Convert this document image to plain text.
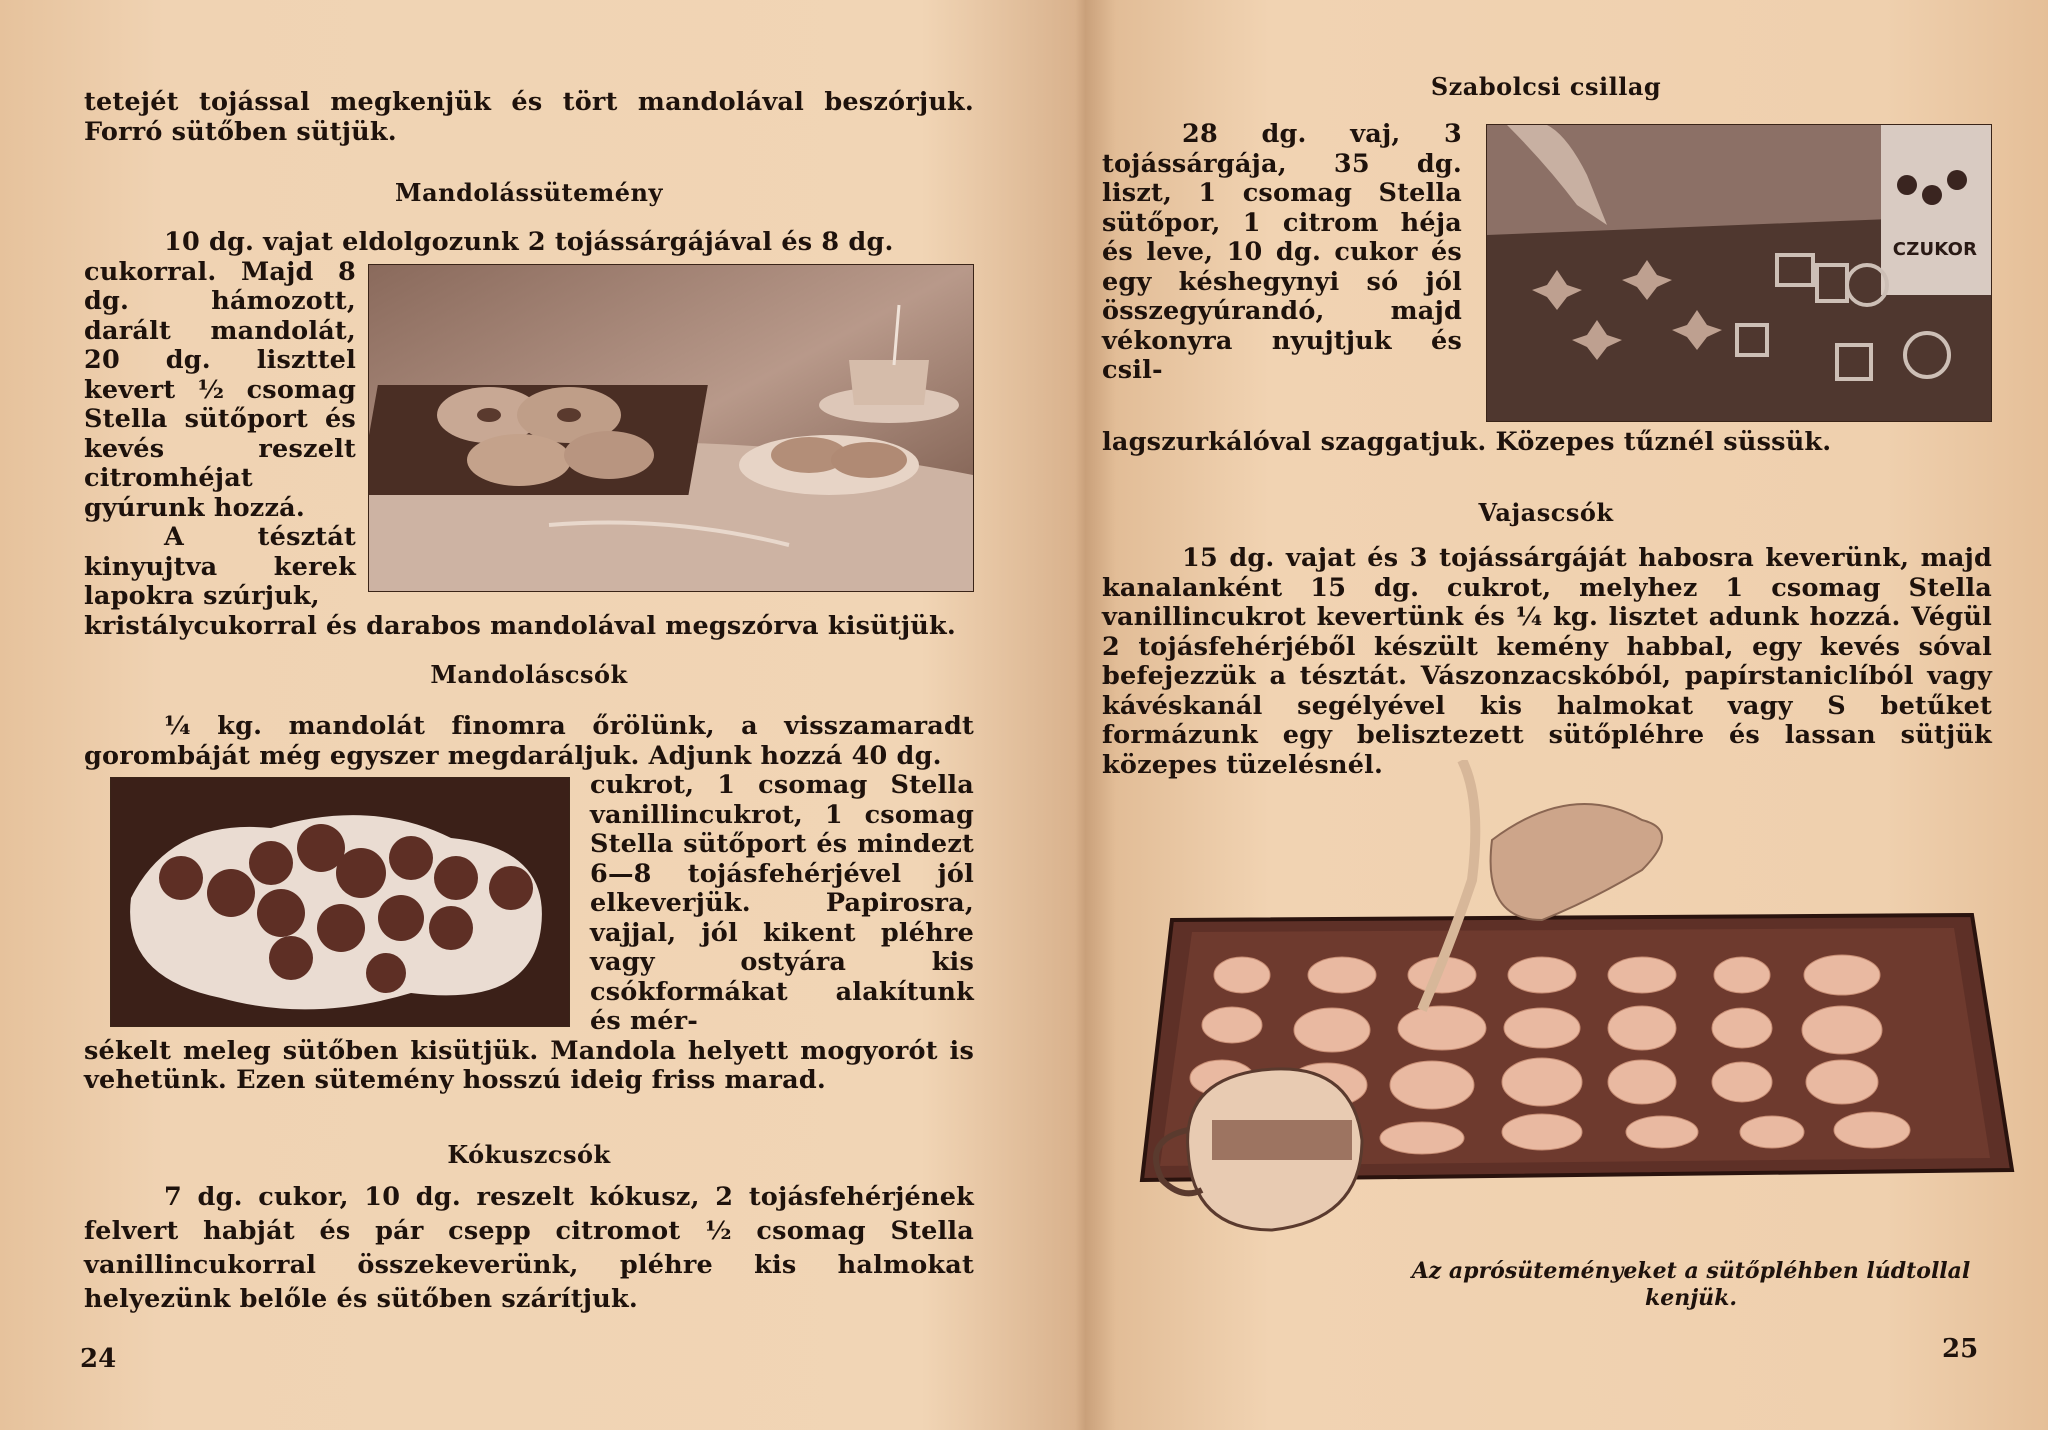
tetejét tojással megkenjük és tört mandolával beszórjuk. Forró sütőben sütjük.

Mandolássütemény

10 dg. vajat eldolgozunk 2 tojássárgájával és 8 dg.

cukorral. Majd 8 dg. hámozott, darált mandolát, 20 dg. liszttel kevert ½ csomag Stella sütőport és kevés reszelt citromhéjat gyúrunk hozzá.

A tésztát kinyujtva kerek lapokra szúrjuk,

kristálycukorral és darabos mandolával megszórva kisütjük.

Mandoláscsók

¼ kg. mandolát finomra őrölünk, a visszamaradt gorombáját még egyszer megdaráljuk. Adjunk hozzá 40 dg.

cukrot, 1 csomag Stella vanillincukrot, 1 csomag Stella sütőport és mindezt 6—8 tojásfehérjével jól elkeverjük. Papirosra, vajjal, jól kikent pléhre vagy ostyára kis csókformákat alakítunk és mér-

sékelt meleg sütőben kisütjük. Mandola helyett mogyorót is vehetünk. Ezen sütemény hosszú ideig friss marad.

Kókuszcsók

7 dg. cukor, 10 dg. reszelt kókusz, 2 tojásfehérjének felvert habját és pár csepp citromot ½ csomag Stella vanillincukorral összekeverünk, pléhre kis halmokat helyezünk belőle és sütőben szárítjuk.

24
Szabolcsi csillag
CZUKOR

28 dg. vaj, 3 tojássárgája, 35 dg. liszt, 1 csomag Stella sütőpor, 1 citrom héja és leve, 10 dg. cukor és egy késhegynyi só jól összegyúrandó, majd vékonyra nyujtjuk és csil-

lagszurkálóval szaggatjuk. Közepes tűznél süssük.

Vajascsók

15 dg. vajat és 3 tojássárgáját habosra keverünk, majd kanalanként 15 dg. cukrot, melyhez 1 csomag Stella vanillincukrot kevertünk és ¼ kg. lisztet adunk hozzá. Végül 2 tojásfehérjéből készült kemény habbal, egy kevés sóval befejezzük a tésztát. Vászonzacskóból, papírstaniclíból vagy kávéskanál segélyével kis halmokat vagy S betűket formázunk egy belisztezett sütőpléhre és lassan sütjük közepes tüzelésnél.

Az aprósüteményeket a sütőpléhben lúdtollal kenjük.
25
